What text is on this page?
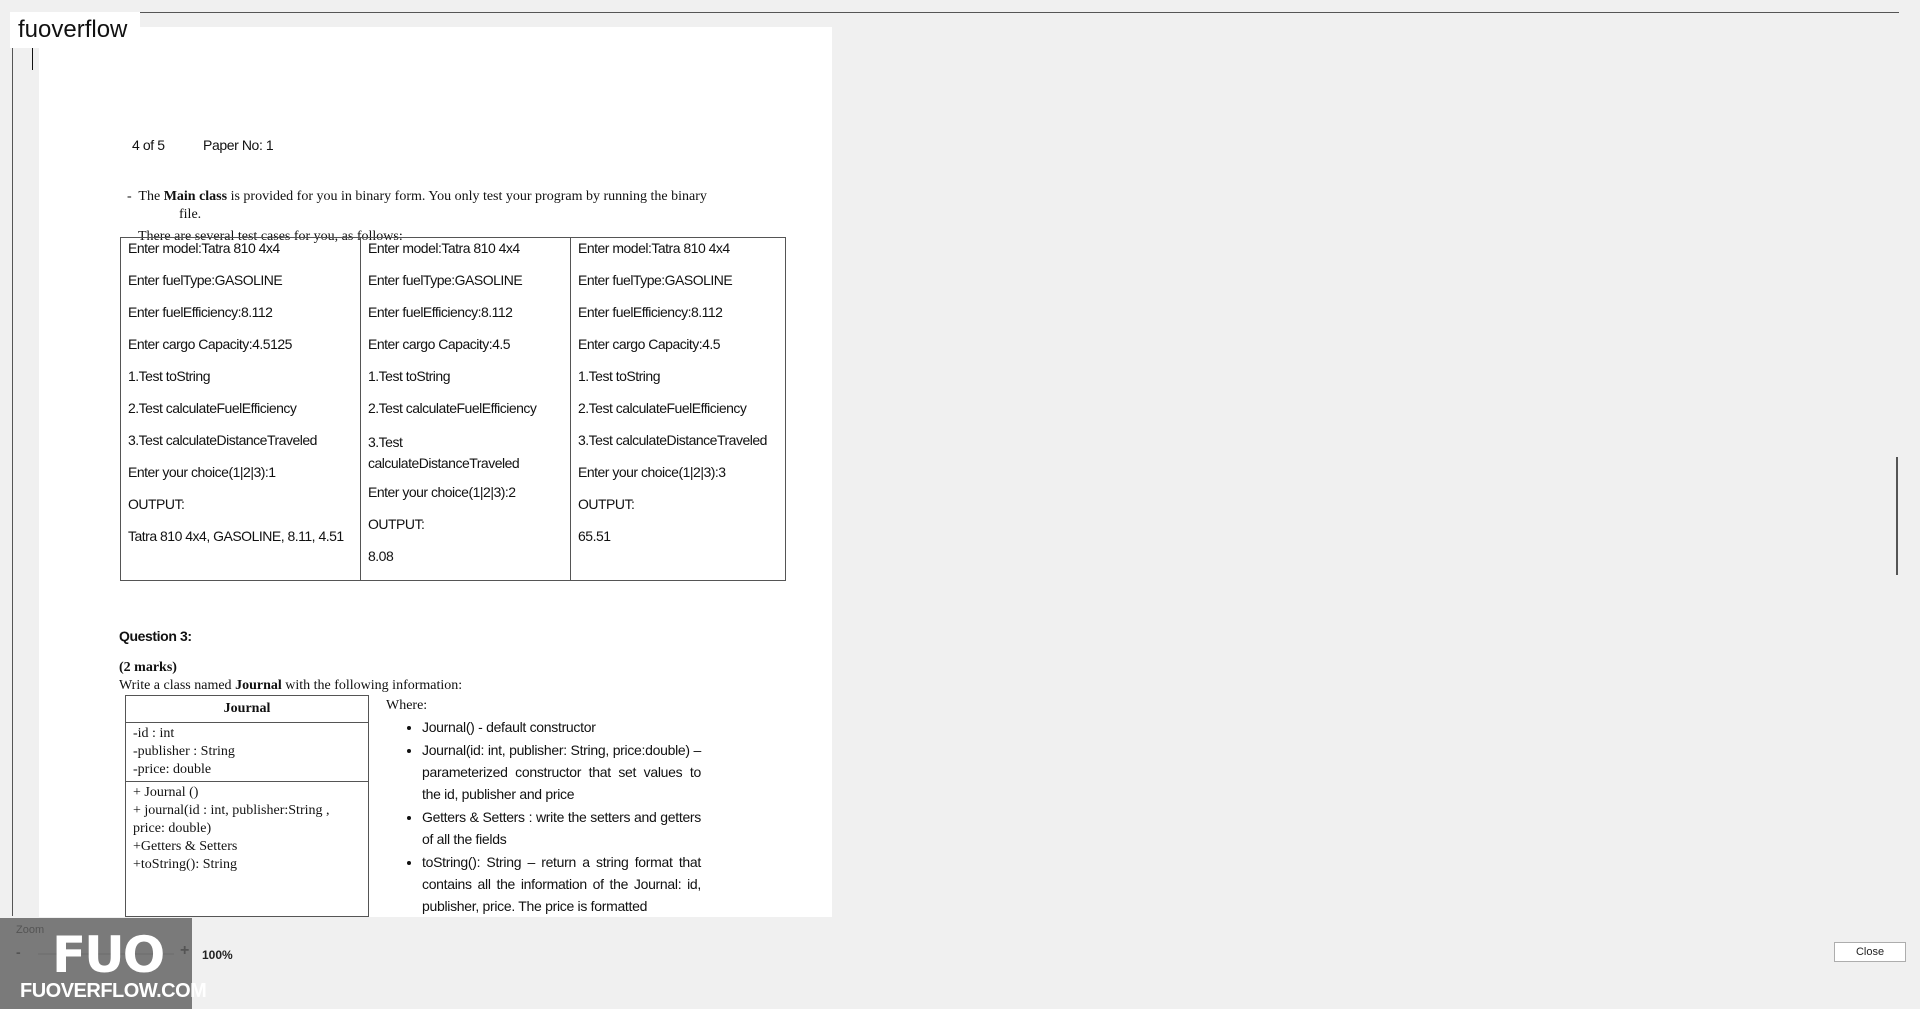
4 of 5	Paper No: 1
- The Main class is provided for you in binary form. You only test your program by running the binary
file.
There are several test cases for you, as follows:
Enter model:Tatra 810 4x4
Enter fuelType:GASOLINE
Enter fuelEfficiency:8.112
Enter cargo Capacity:4.5125
1.Test toString
2.Test calculateFuelEfficiency
3.Test calculateDistanceTraveled
Enter your choice(1|2|3):1
OUTPUT:
Tatra 810 4x4, GASOLINE, 8.11, 4.51

Enter model:Tatra 810 4x4
Enter fuelType:GASOLINE
Enter fuelEfficiency:8.112
Enter cargo Capacity:4.5
1.Test toString
2.Test calculateFuelEfficiency
3.Test calculateDistanceTraveled
Enter your choice(1|2|3):2
OUTPUT:
8.08

Enter model:Tatra 810 4x4
Enter fuelType:GASOLINE
Enter fuelEfficiency:8.112
Enter cargo Capacity:4.5
1.Test toString
2.Test calculateFuelEfficiency
3.Test calculateDistanceTraveled
Enter your choice(1|2|3):3
OUTPUT:
65.51
Question 3:
(2 marks)
Write a class named Journal with the following information:
Journal

-id : int
-publisher : String
-price: double

+ Journal ()
+ journal(id : int, publisher:String ,
price: double)
+Getters & Setters
+toString(): String
Where:
• Journal() - default constructor
• Journal(id: int, publisher: String, price:double) – parameterized constructor that set values to the id, publisher and price
• Getters & Setters : write the setters and getters of all the fields
• toString(): String – return a string format that contains all the information of the Journal: id, publisher, price. The price is formatted
fuoverflow
100%
FUO
FUOVERFLOW.COM
Close
